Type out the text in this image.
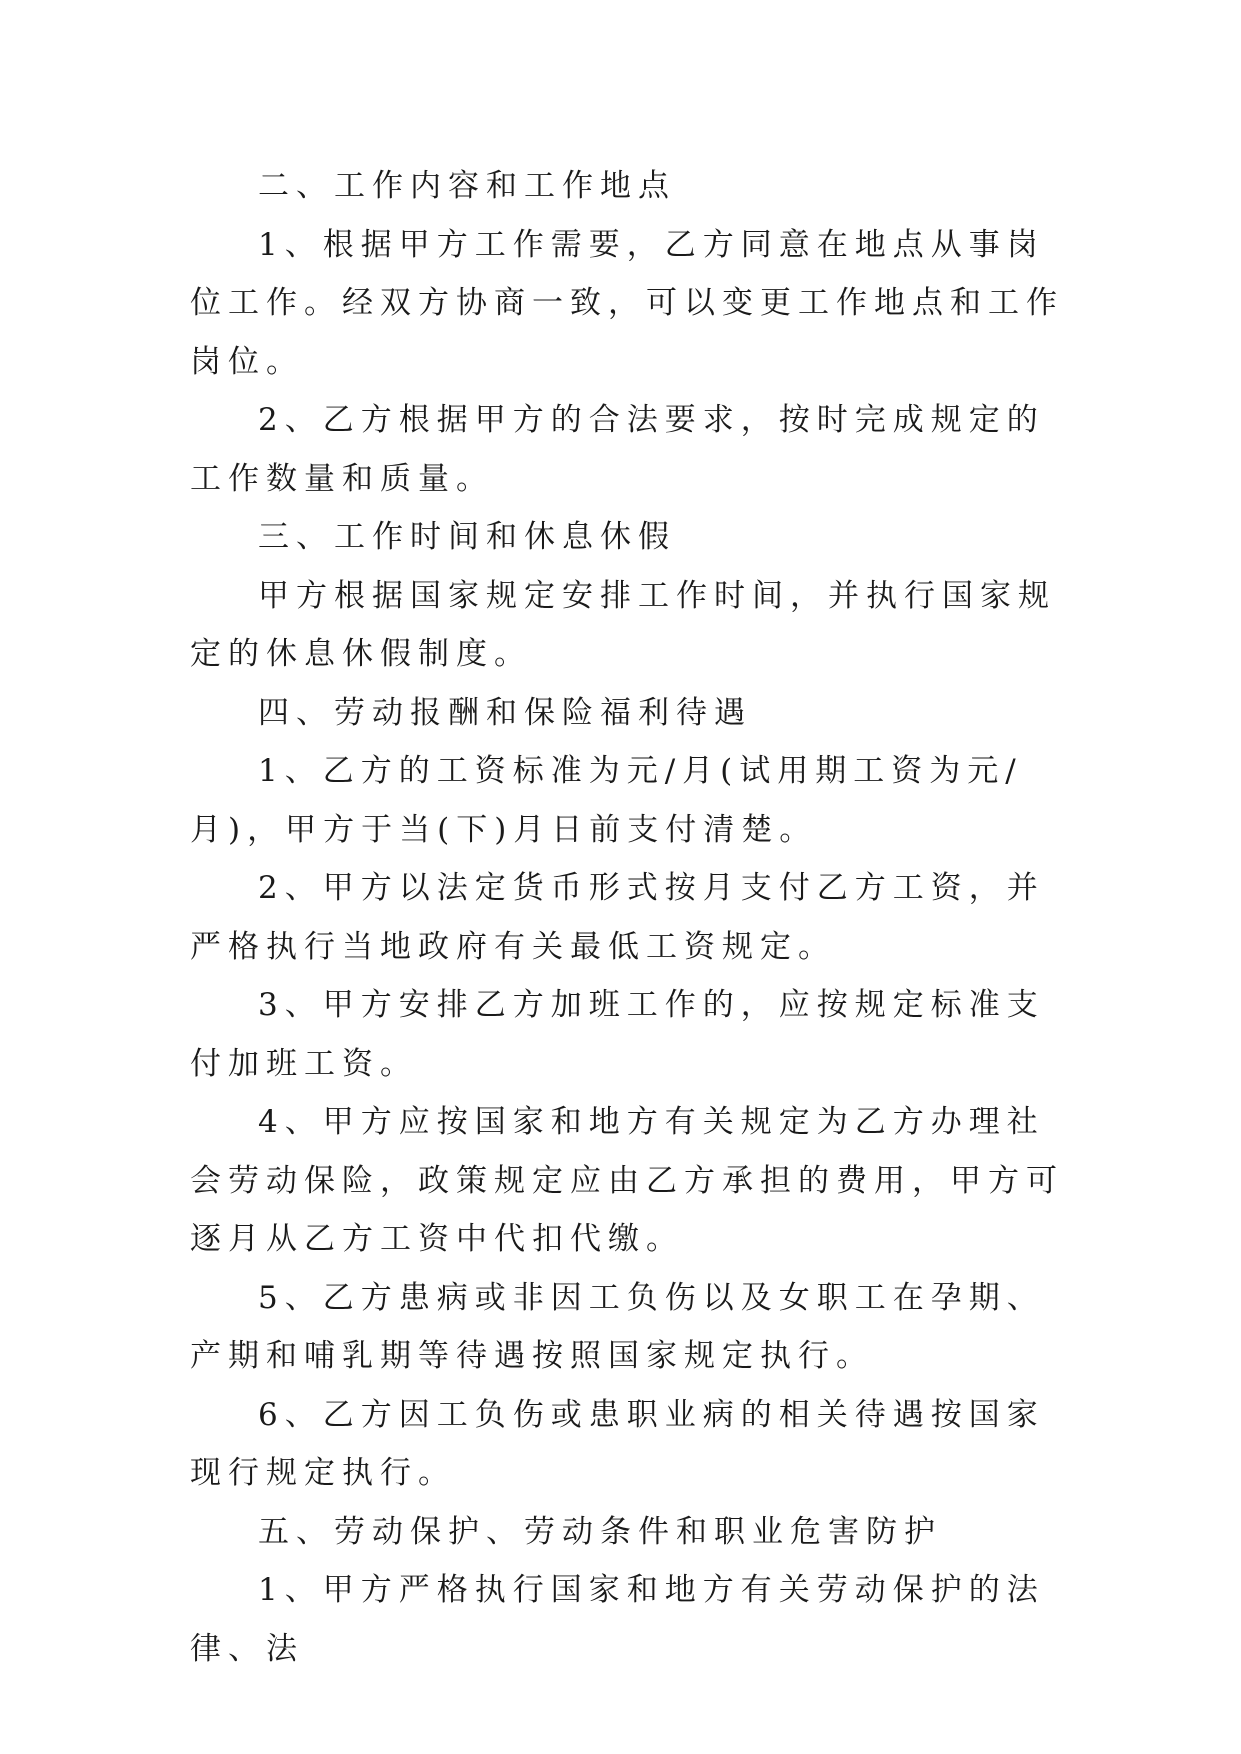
二、工作内容和工作地点

1、根据甲方工作需要，乙方同意在地点从事岗位工作。经双方协商一致，可以变更工作地点和工作岗位。

2、乙方根据甲方的合法要求，按时完成规定的工作数量和质量。

三、工作时间和休息休假

甲方根据国家规定安排工作时间，并执行国家规定的休息休假制度。

四、劳动报酬和保险福利待遇

1、乙方的工资标准为元/月(试用期工资为元/月)，甲方于当(下)月日前支付清楚。

2、甲方以法定货币形式按月支付乙方工资，并严格执行当地政府有关最低工资规定。

3、甲方安排乙方加班工作的，应按规定标准支付加班工资。

4、甲方应按国家和地方有关规定为乙方办理社会劳动保险，政策规定应由乙方承担的费用，甲方可逐月从乙方工资中代扣代缴。

5、乙方患病或非因工负伤以及女职工在孕期、产期和哺乳期等待遇按照国家规定执行。

6、乙方因工负伤或患职业病的相关待遇按国家现行规定执行。

五、劳动保护、劳动条件和职业危害防护

1、甲方严格执行国家和地方有关劳动保护的法律、法
